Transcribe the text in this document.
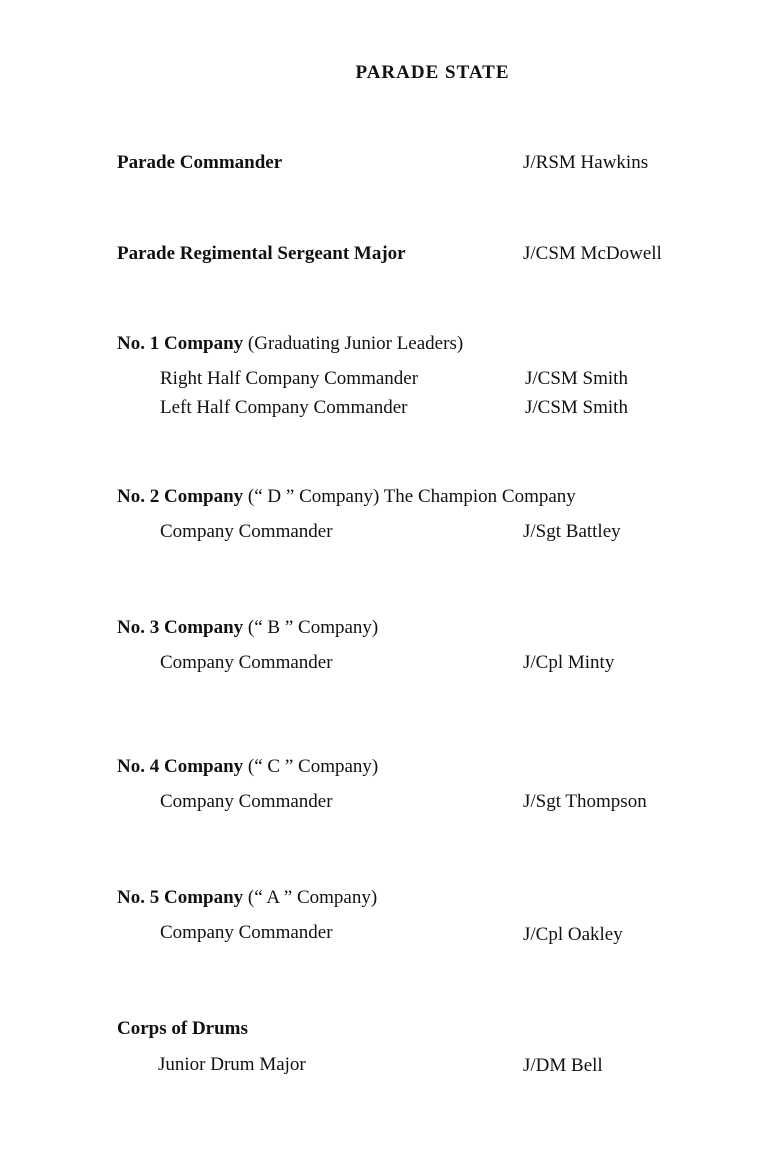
PARADE STATE
Parade Commander	J/RSM Hawkins
Parade Regimental Sergeant Major	J/CSM McDowell
No. 1 Company (Graduating Junior Leaders)
Right Half Company Commander	J/CSM Smith
Left Half Company Commander	J/CSM Smith
No. 2 Company (“ D ” Company) The Champion Company
Company Commander	J/Sgt Battley
No. 3 Company (“ B ” Company)
Company Commander	J/Cpl Minty
No. 4 Company (“ C ” Company)
Company Commander	J/Sgt Thompson
No. 5 Company (“ A ” Company)
Company Commander	J/Cpl Oakley
Corps of Drums
Junior Drum Major	J/DM Bell
